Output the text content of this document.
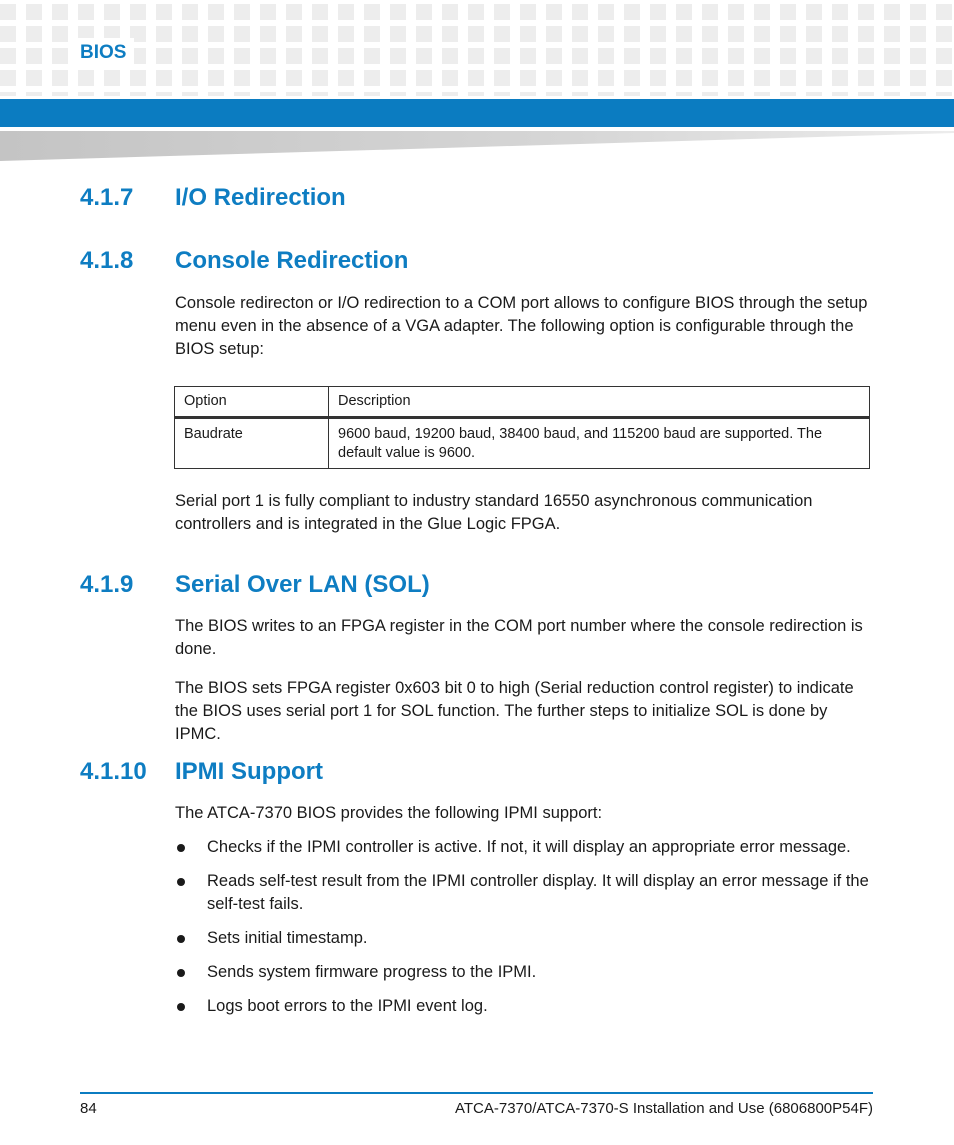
BIOS
4.1.7 I/O Redirection
4.1.8 Console Redirection

Console redirecton or I/O redirection to a COM port allows to configure BIOS through the setup menu even in the absence of a VGA adapter. The following option is configurable through the BIOS setup:

Option	Description
Baudrate	9600 baud, 19200 baud, 38400 baud, and 115200 baud are supported. The default value is 9600.

Serial port 1 is fully compliant to industry standard 16550 asynchronous communication controllers and is integrated in the Glue Logic FPGA.

4.1.9 Serial Over LAN (SOL)

The BIOS writes to an FPGA register in the COM port number where the console redirection is done.

The BIOS sets FPGA register 0x603 bit 0 to high (Serial reduction control register) to indicate the BIOS uses serial port 1 for SOL function. The further steps to initialize SOL is done by IPMC.

4.1.10 IPMI Support

The ATCA-7370 BIOS provides the following IPMI support:

Checks if the IPMI controller is active. If not, it will display an appropriate error message.
Reads self-test result from the IPMI controller display. It will display an error message if the self-test fails.
Sets initial timestamp.
Sends system firmware progress to the IPMI.
Logs boot errors to the IPMI event log.
84	ATCA-7370/ATCA-7370-S Installation and Use (6806800P54F)
